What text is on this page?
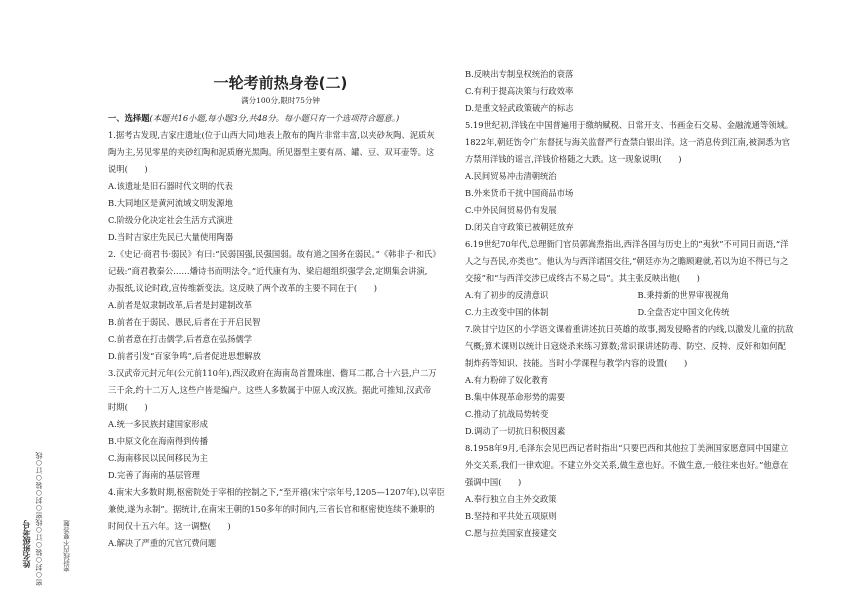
姓名班级考号 密○封○装○订○线密○封○装○订○线	密封线内不要答题
一轮考前热身卷(二)
满分100分,限时75分钟

一、选择题(本题共16小题,每小题3分,共48分。每小题只有一个选项符合题意。)

1.据考古发现,吉家庄遗址(位于山西大同)地表上散布的陶片非常丰富,以夹砂灰陶、泥质灰

陶为主,另见零星的夹砂红陶和泥质磨光黑陶。所见器型主要有鬲、罐、豆、双耳壶等。这

说明(　　)

A.该遗址是旧石器时代文明的代表

B.大同地区是黄河流域文明发源地

C.阶级分化决定社会生活方式演进

D.当时吉家庄先民已大量使用陶器

2.《史记·商君书·弱民》有曰:“民弱国强,民强国弱。故有道之国务在弱民。”《韩非子·和氏》

记载:“商君教秦公……燔诗书而明法令。”近代康有为、梁启超组织强学会,定期集会讲演,

办报纸,议论时政,宣传维新变法。这反映了两个改革的主要不同在于(　　)

A.前者是奴隶制改革,后者是封建制改革

B.前者在于弱民、愚民,后者在于开启民智

C.前者意在打击儒学,后者意在弘扬儒学

D.前者引发“百家争鸣”,后者促进思想解放

3.汉武帝元封元年(公元前110年),西汉政府在海南岛首置珠崖、儋耳二郡,合十六县,户二万

三千余,约十二万人,这些户皆是编户。这些人多数属于中原人或汉族。据此可推知,汉武帝

时期(　　)

A.统一多民族封建国家形成

B.中原文化在海南得到传播

C.海南移民以民间移民为主

D.完善了海南的基层管理

4.南宋大多数时期,枢密院处于宰相的控制之下,“至开禧(宋宁宗年号,1205—1207年),以宰臣

兼使,遂为永制”。据统计,在南宋王朝的150多年的时间内,三省长官和枢密使连续不兼职的

时间仅十五六年。这一调整(　　)

A.解决了严重的冗官冗费问题

B.反映出专制皇权统治的衰落

C.有利于提高决策与行政效率

D.是重文轻武政策破产的标志

5.19世纪初,洋钱在中国普遍用于缴纳赋税、日常开支、书画金石交易、金融流通等领域。

1822年,朝廷饬令广东督抚与海关监督严行查禁白银出洋。这一消息传到江南,被洞悉为官

方禁用洋钱的谣言,洋钱价格随之大跌。这一现象说明(　　)

A.民间贸易冲击清朝统治

B.外来货币干扰中国商品市场

C.中外民间贸易仍有发展

D.闭关自守政策已被朝廷放弃

6.19世纪70年代,总理衙门官员郭嵩焘指出,西洋各国与历史上的“夷狄”不可同日而语,“洋

人之与吾民,亦类也”。他认为与西洋诸国交往,“朝廷亦为之瞻顾避就,若以为迫不得已与之

交接”和“与西洋交涉已成终古不易之局”。其主张反映出他(　　)

A.有了初步的反清意识	B.秉持新的世界审视视角

C.力主改变中国的体制	D.全盘否定中国文化传统

7.陕甘宁边区的小学语文课着重讲述抗日英雄的故事,揭发侵略者的内线,以激发儿童的抗敌

气概;算术课则以统计日寇烧杀来练习算数;常识课讲述防毒、防空、反特、反奸和如何配

制炸药等知识、技能。当时小学课程与教学内容的设置(　　)

A.有力粉碎了奴化教育

B.集中体现革命形势的需要

C.推动了抗战局势转变

D.调动了一切抗日积极因素

8.1958年9月,毛泽东会见巴西记者时指出“只要巴西和其他拉丁美洲国家愿意同中国建立

外交关系,我们一律欢迎。不建立外交关系,做生意也好。不做生意,一般往来也好。”他意在

强调中国(　　)

A.奉行独立自主外交政策

B.坚持和平共处五项原则

C.愿与拉美国家直接建交
